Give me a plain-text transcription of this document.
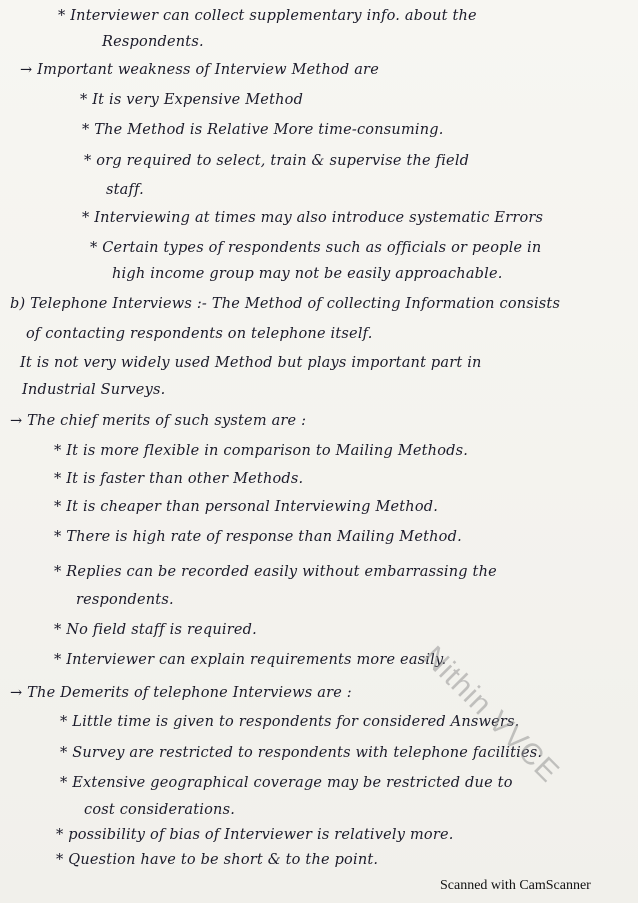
* Interviewer can collect supplementary info. about the
Respondents.
→ Important weakness of Interview Method are
* It is very Expensive Method
* The Method is Relative More time-consuming.
* org required to select, train & supervise the field
staff.
* Interviewing at times may also introduce systematic Errors
* Certain types of respondents such as officials or people in
high income group may not be easily approachable.
b) Telephone Interviews :- The Method of collecting Information consists
of contacting respondents on telephone itself.
It is not very widely used Method but plays important part in
Industrial Surveys.
→ The chief merits of such system are :
* It is more flexible in comparison to Mailing Methods.
* It is faster than other Methods.
* It is cheaper than personal Interviewing Method.
* There is high rate of response than Mailing Method.
* Replies can be recorded easily without embarrassing the
respondents.
* No field staff is required.
* Interviewer can explain requirements more easily.
→ The Demerits of telephone Interviews are :
* Little time is given to respondents for considered Answers.
* Survey are restricted to respondents with telephone facilities.
* Extensive geographical coverage may be restricted due to
cost considerations.
* possibility of bias of Interviewer is relatively more.
* Question have to be short & to the point.
Nithin VVCE
Scanned with CamScanner
